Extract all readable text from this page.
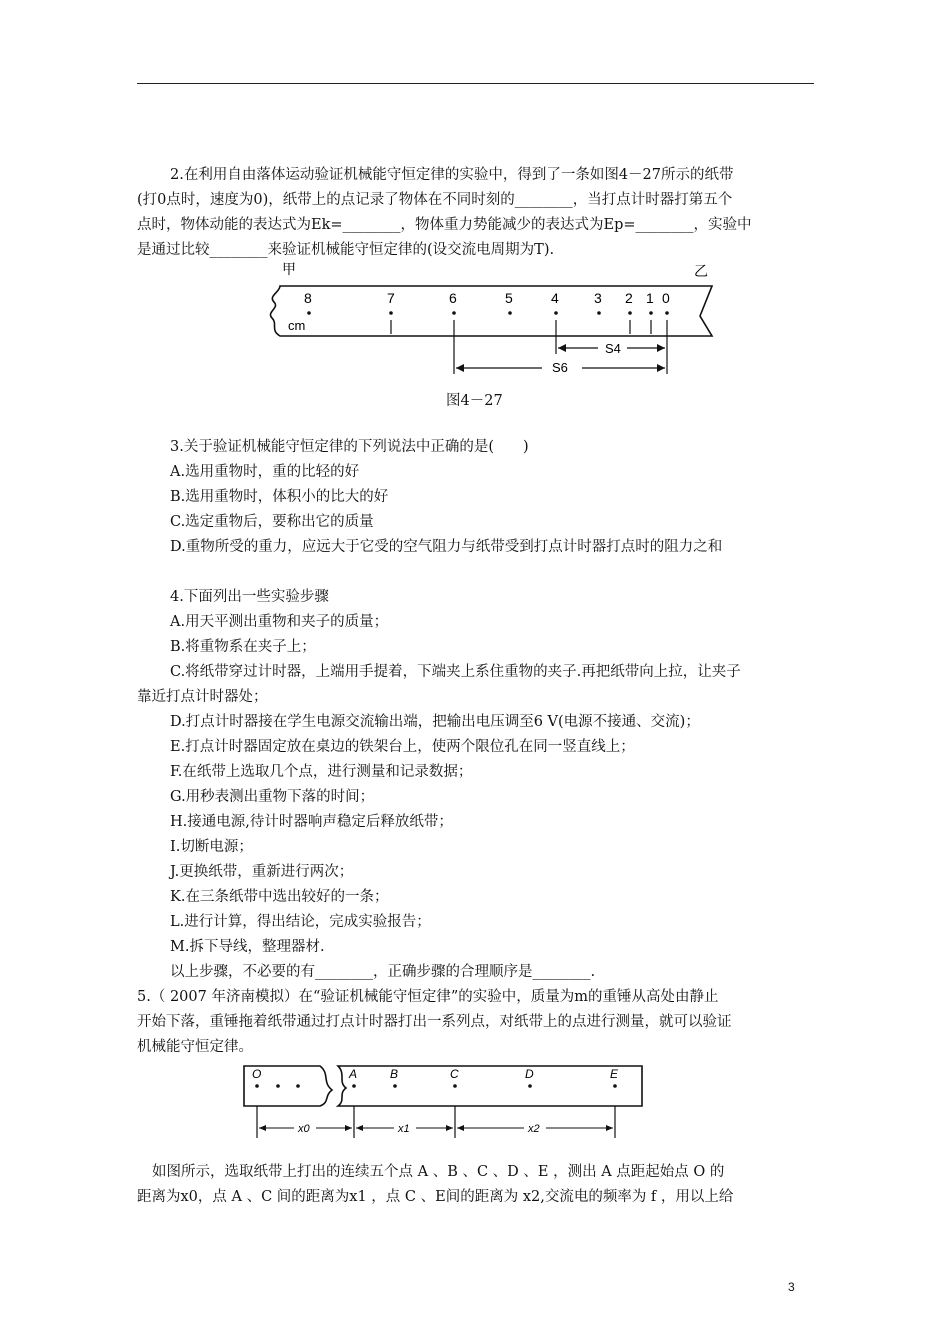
2.在利用自由落体运动验证机械能守恒定律的实验中，得到了一条如图4－27所示的纸带
(打0点时，速度为0)，纸带上的点记录了物体在不同时刻的________，当打点计时器打第五个
点时，物体动能的表达式为Ek=________，物体重力势能减少的表达式为Ep=________，实验中
是通过比较________来验证机械能守恒定律的(设交流电周期为T).
甲	乙
cm
8	7	6	5	4	3 2 1 0
S4
S6
图4－27
3.关于验证机械能守恒定律的下列说法中正确的是(　　)
A.选用重物时，重的比轻的好
B.选用重物时，体积小的比大的好
C.选定重物后，要称出它的质量
D.重物所受的重力，应远大于它受的空气阻力与纸带受到打点计时器打点时的阻力之和
4.下面列出一些实验步骤
A.用天平测出重物和夹子的质量；
B.将重物系在夹子上；
C.将纸带穿过计时器，上端用手提着，下端夹上系住重物的夹子.再把纸带向上拉，让夹子
靠近打点计时器处；
D.打点计时器接在学生电源交流输出端，把输出电压调至6 V(电源不接通、交流)；
E.打点计时器固定放在桌边的铁架台上，使两个限位孔在同一竖直线上；
F.在纸带上选取几个点，进行测量和记录数据；
G.用秒表测出重物下落的时间；
H.接通电源,待计时器响声稳定后释放纸带；
I.切断电源；
J.更换纸带，重新进行两次；
K.在三条纸带中选出较好的一条；
L.进行计算，得出结论，完成实验报告；
M.拆下导线，整理器材.
以上步骤，不必要的有________，正确步骤的合理顺序是________.
5.（ 2007 年济南模拟）在“验证机械能守恒定律”的实验中，质量为m的重锤从高处由静止
开始下落，重锤拖着纸带通过打点计时器打出一系列点，对纸带上的点进行测量，就可以验证
机械能守恒定律。
O	A	B	C	D	E
x0	x1	x2
如图所示，选取纸带上打出的连续五个点 A 、B 、C 、D 、E ，测出 A 点距起始点 O 的
距离为x0，点 A 、C 间的距离为x1 ，点 C 、E间的距离为 x2,交流电的频率为 f ，用以上给
3
